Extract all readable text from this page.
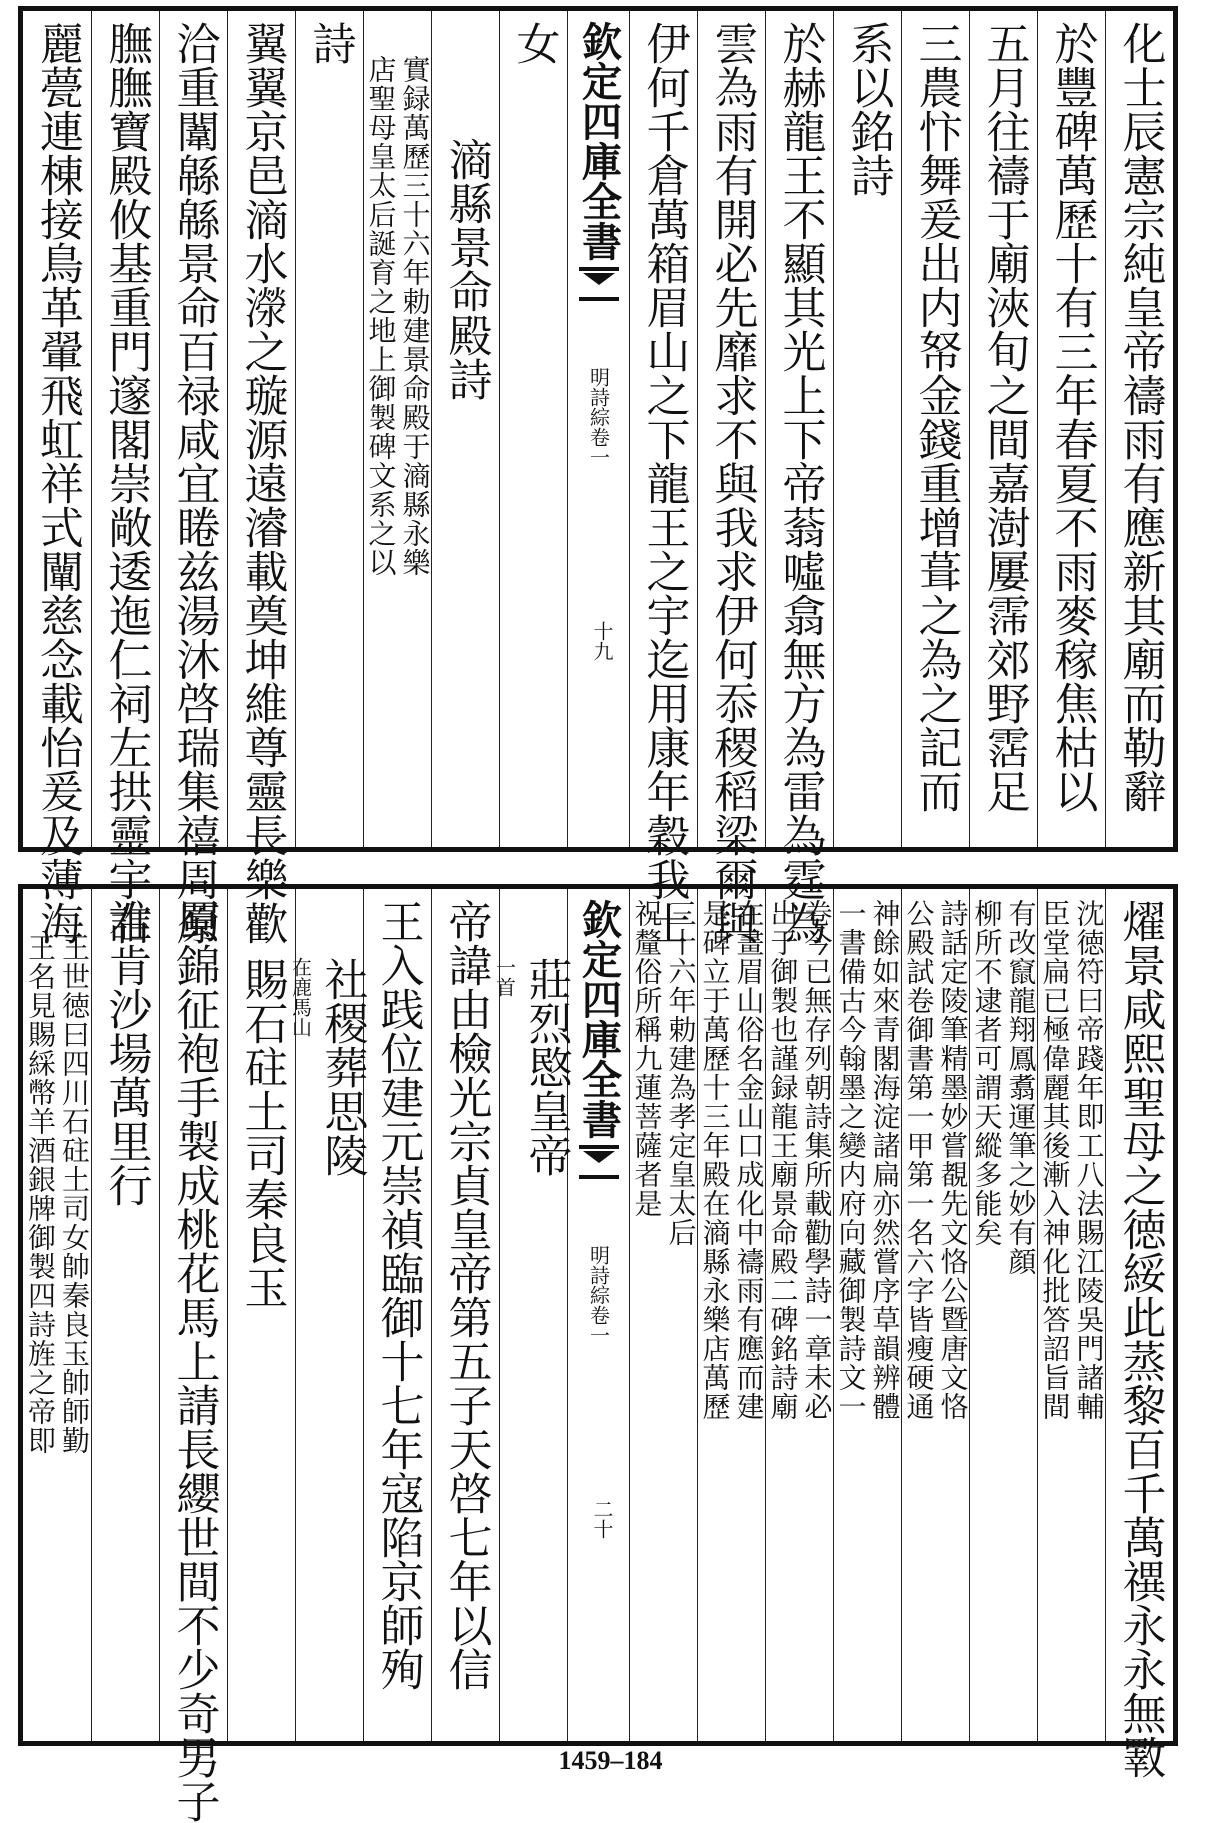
化士辰憲宗純皇帝禱雨有應新其廟而勒辭
於豐碑萬歷十有三年春夏不雨麥稼焦枯以
五月往禱于廟浹旬之間嘉澍屢霈郊野霑足
三農忭舞爰出内帑金錢重增葺之為之記而
系以銘詩
於赫龍王不顯其光上下帝蓊噓翕無方為雷為霆為
雲為雨有開必先靡求不與我求伊何忝稷稻梁爾與
伊何千倉萬箱眉山之下龍王之宇迄用康年穀我士
欽定四庫全書
明詩綜
卷一
十九
女
滳縣景命殿詩
實録萬歷三十六年勅建景命殿于滳縣永樂
店聖母皇太后誕育之地上御製碑文系之以
詩
翼翼京邑滳水濴之璇源遠濬載奠坤維尊靈長樂歡
洽重闈緜緜景命百禄咸宜睠兹湯沐啓瑞集禧周原
膴膴寶殿攸基重門邃閣崇敞逶迤仁祠左拱靈宇右
麗甍連棟接鳥革翬飛虹祥式闡慈念載怡爰及薄海
燿景咸熙聖母之徳綏此蒸黎百千萬禩永永無斁
沈徳符曰帝踐年即工八法賜江陵吳門諸輔
臣堂扁已極偉麗其後漸入神化批答詔旨間
有改竄龍翔鳳翥運筆之妙有顔
柳所不逮者可謂天縱多能矣
詩話定陵筆精墨妙嘗覩先文恪公暨唐文恪
公殿試卷御書第一甲第一名六字皆瘦硬通
神餘如來青閣海淀諸扁亦然嘗序草韻辨體
一書備古今翰墨之變内府向藏御製詩文一
卷今已無存列朝詩集所載勸學詩一章未必
出于御製也謹録龍王廟景命殿二碑銘詩廟
在畫眉山俗名金山口成化中禱雨有應而建
是碑立于萬歷十三年殿在滳縣永樂店萬歷
三十六年勅建為孝定皇太后
祝釐俗所稱九蓮菩薩者是
欽定四庫全書
明詩綜
卷一
二十
莊烈愍皇帝
一首
帝諱由檢光宗貞皇帝第五子天啓七年以信
王入践位建元崇禎臨御十七年寇陷京師殉
社稷葬思陵
在鹿馬山
賜石砫土司秦良玉
蜀錦征袍手製成桃花馬上請長纓世間不少奇男子
誰肯沙場萬里行
王世徳曰四川石砫土司女帥秦良玉帥師勤
王名見賜綵幣羊酒銀牌御製四詩旌之帝即
1459–184
